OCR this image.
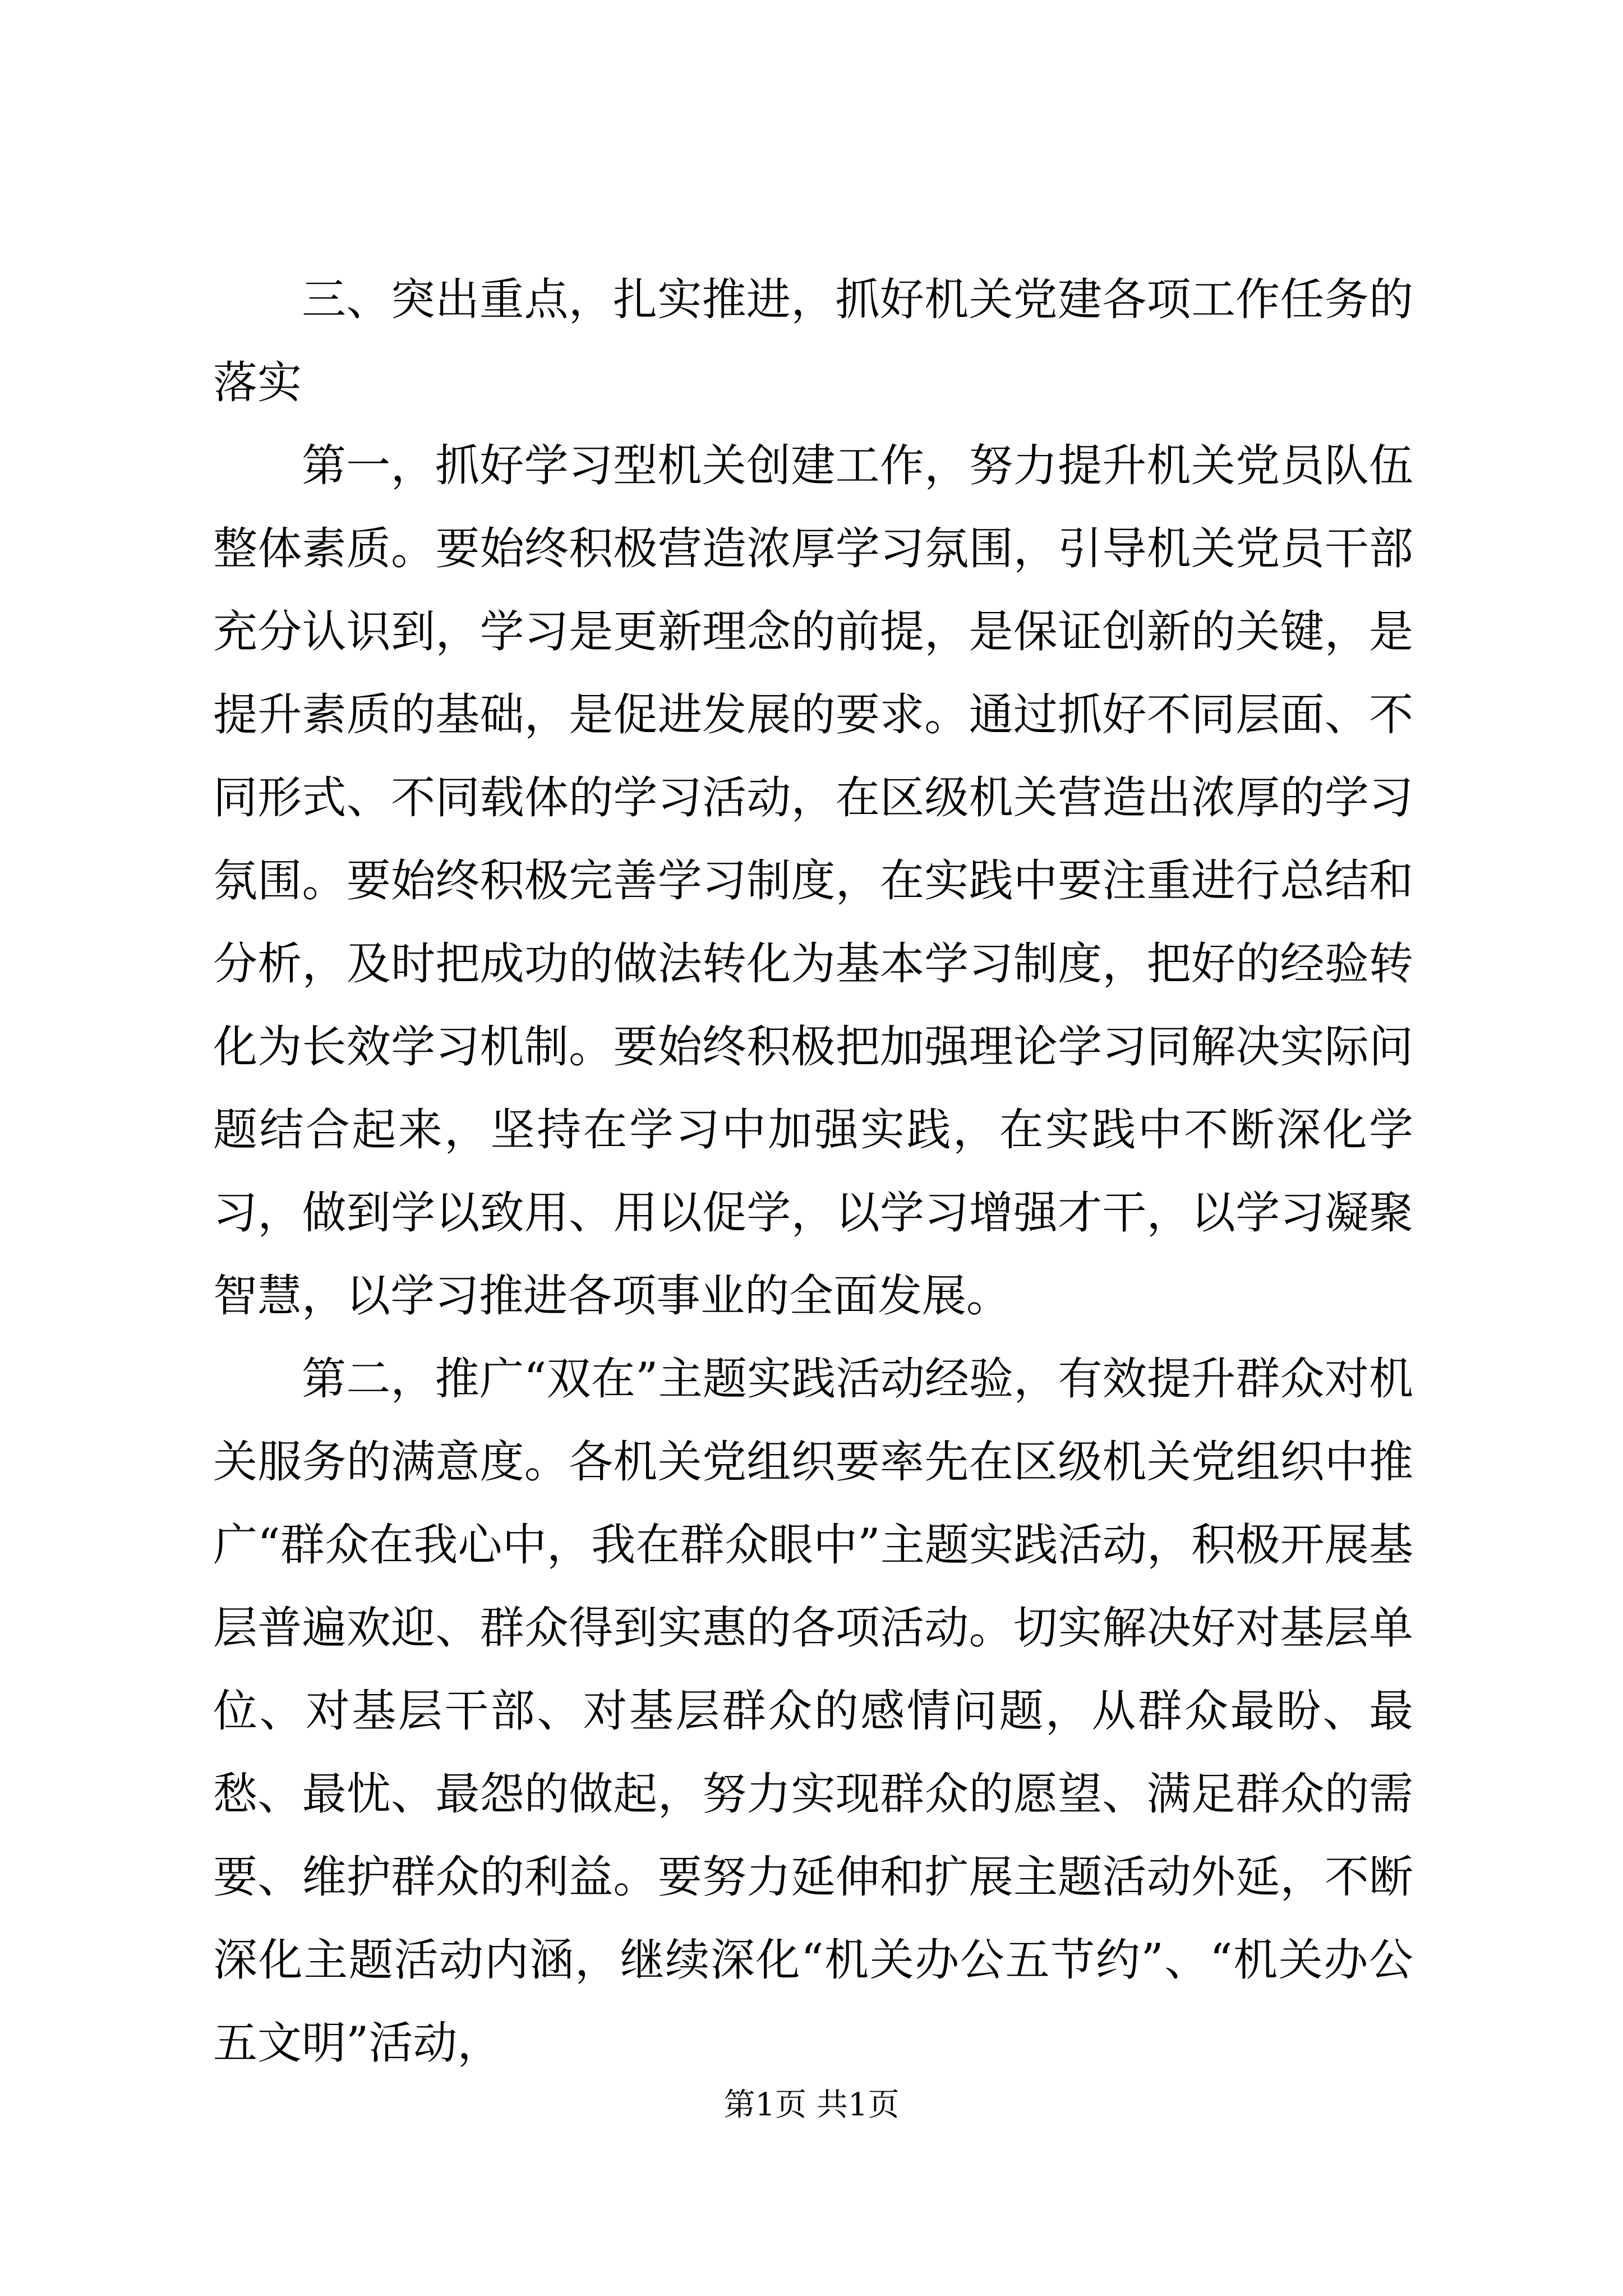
三、突出重点，扎实推进，抓好机关党建各项工作任务的落实

第一，抓好学习型机关创建工作，努力提升机关党员队伍整体素质。要始终积极营造浓厚学习氛围，引导机关党员干部充分认识到，学习是更新理念的前提，是保证创新的关键，是提升素质的基础，是促进发展的要求。通过抓好不同层面、不同形式、不同载体的学习活动，在区级机关营造出浓厚的学习氛围。要始终积极完善学习制度，在实践中要注重进行总结和分析，及时把成功的做法转化为基本学习制度，把好的经验转化为长效学习机制。要始终积极把加强理论学习同解决实际问题结合起来，坚持在学习中加强实践，在实践中不断深化学习，做到学以致用、用以促学，以学习增强才干，以学习凝聚智慧，以学习推进各项事业的全面发展。

第二，推广“双在”主题实践活动经验，有效提升群众对机关服务的满意度。各机关党组织要率先在区级机关党组织中推广“群众在我心中，我在群众眼中”主题实践活动，积极开展基层普遍欢迎、群众得到实惠的各项活动。切实解决好对基层单位、对基层干部、对基层群众的感情问题，从群众最盼、最愁、最忧、最怨的做起，努力实现群众的愿望、满足群众的需要、维护群众的利益。要努力延伸和扩展主题活动外延，不断深化主题活动内涵，继续深化“机关办公五节约”、“机关办公五文明”活动，

第1页 共1页
